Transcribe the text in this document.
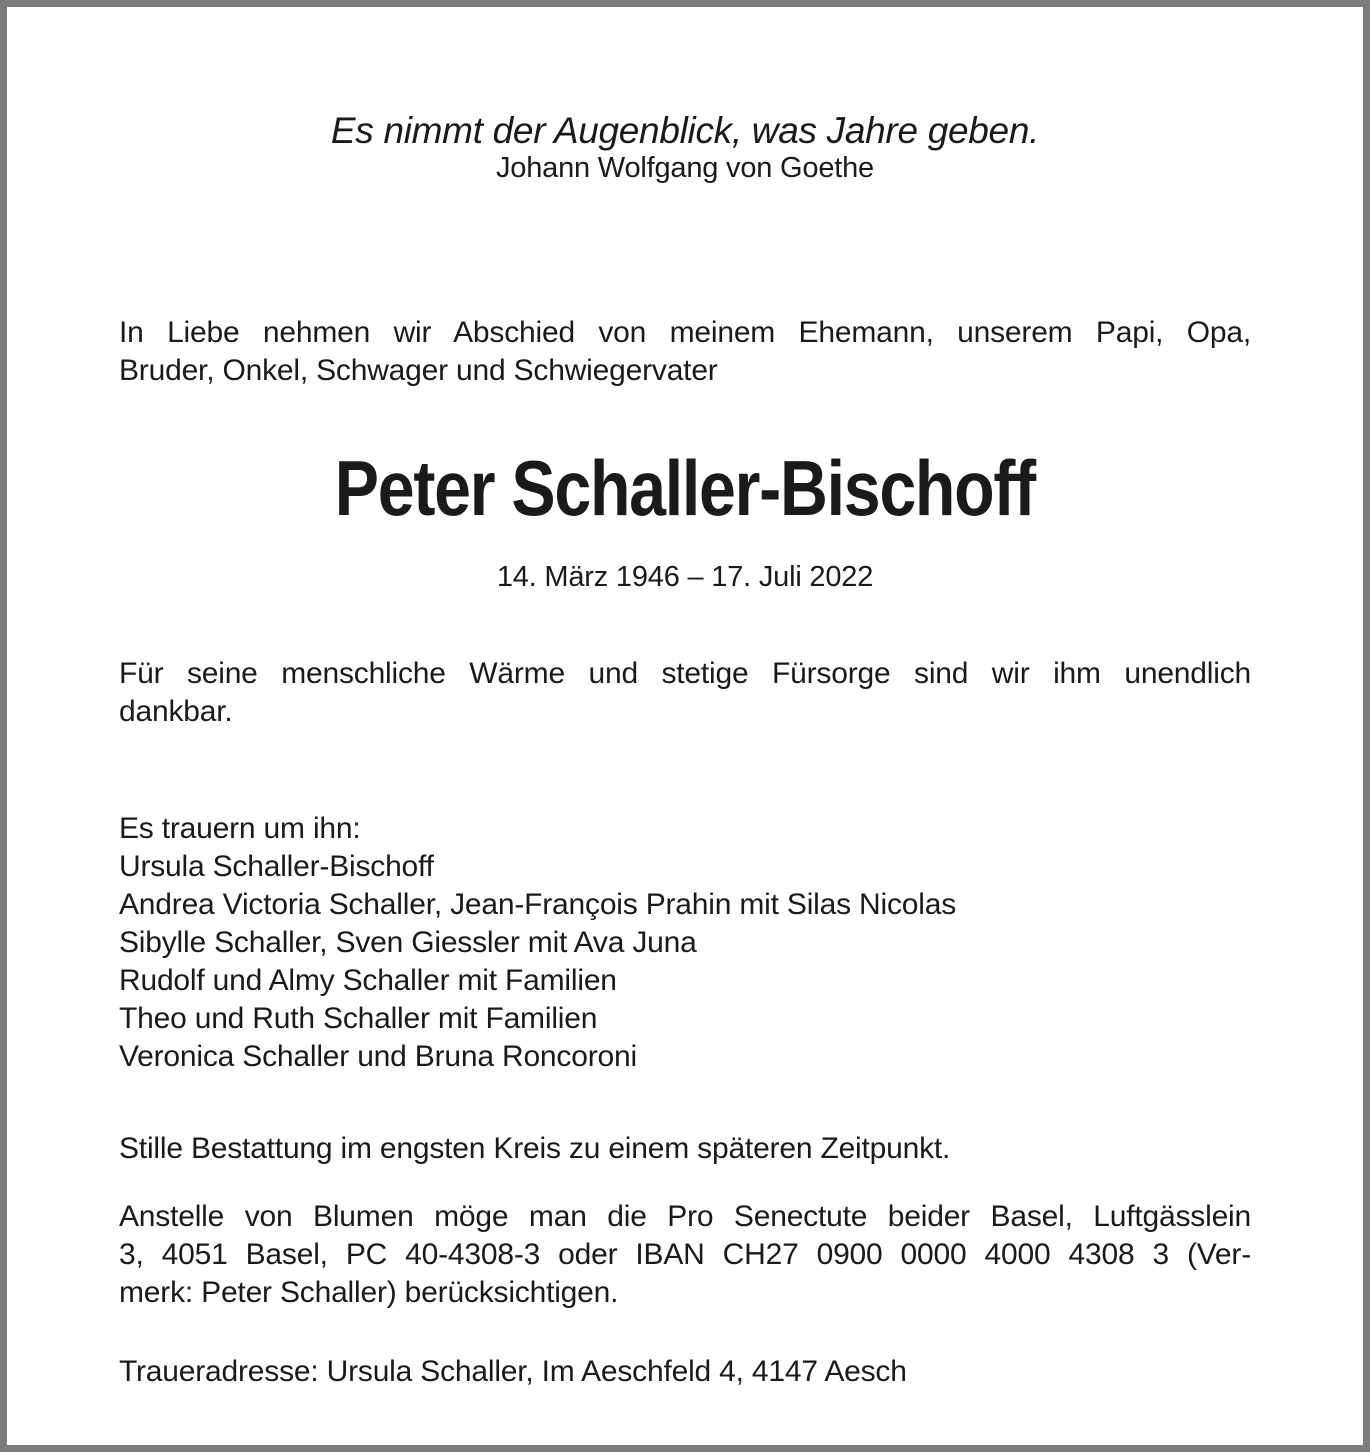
Es nimmt der Augenblick, was Jahre geben.
Johann Wolfgang von Goethe
In Liebe nehmen wir Abschied von meinem Ehemann, unserem Papi, Opa,
Bruder, Onkel, Schwager und Schwiegervater
Peter Schaller-Bischoff
14. März 1946 – 17. Juli 2022
Für seine menschliche Wärme und stetige Fürsorge sind wir ihm unendlich
dankbar.
Es trauern um ihn:
Ursula Schaller-Bischoff
Andrea Victoria Schaller, Jean-François Prahin mit Silas Nicolas
Sibylle Schaller, Sven Giessler mit Ava Juna
Rudolf und Almy Schaller mit Familien
Theo und Ruth Schaller mit Familien
Veronica Schaller und Bruna Roncoroni
Stille Bestattung im engsten Kreis zu einem späteren Zeitpunkt.
Anstelle von Blumen möge man die Pro Senectute beider Basel, Luftgässlein
3, 4051 Basel, PC 40-4308-3 oder IBAN CH27 0900 0000 4000 4308 3 (Ver-
merk: Peter Schaller) berücksichtigen.
Traueradresse: Ursula Schaller, Im Aeschfeld 4, 4147 Aesch
